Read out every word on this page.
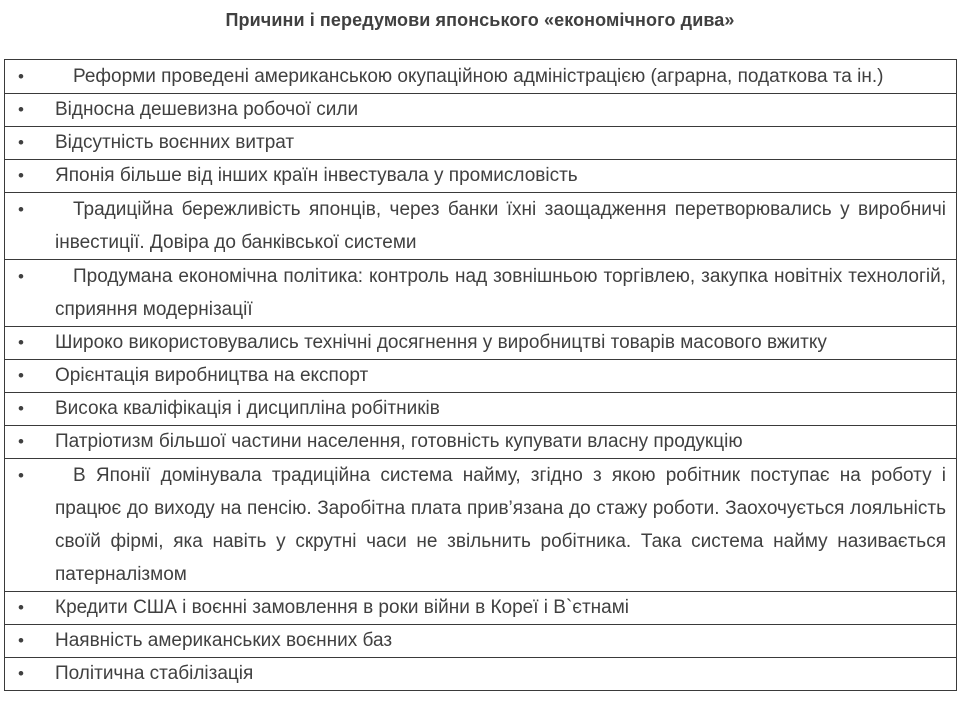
Причини і передумови японського «економічного дива»
•	Реформи проведені американською окупаційною адміністрацією (аграрна, податкова та ін.)

• Відносна дешевизна робочої сили

• Відсутність воєнних витрат

• Японія більше від інших країн інвестувала у промисловість

•	Традиційна бережливість японців, через банки їхні заощадження перетворювались у виробничі інвестиції. Довіра до банківської системи

•	Продумана економічна політика: контроль над зовнішньою торгівлею, закупка новітніх технологій, сприяння модернізації

• Широко використовувались технічні досягнення у виробництві товарів масового вжитку

• Орієнтація виробництва на експорт

• Висока кваліфікація і дисципліна робітників

• Патріотизм більшої частини населення, готовність купувати власну продукцію

•	В Японії домінувала традиційна система найму, згідно з якою робітник поступає на роботу і працює до виходу на пенсію. Заробітна плата прив’язана до стажу роботи. Заохочується лояльність своїй фірмі, яка навіть у скрутні часи не звільнить робітника. Така система найму називається патерналізмом

• Кредити США і воєнні замовлення в роки війни в Кореї і В`єтнамі

• Наявність американських воєнних баз

• Політична стабілізація
